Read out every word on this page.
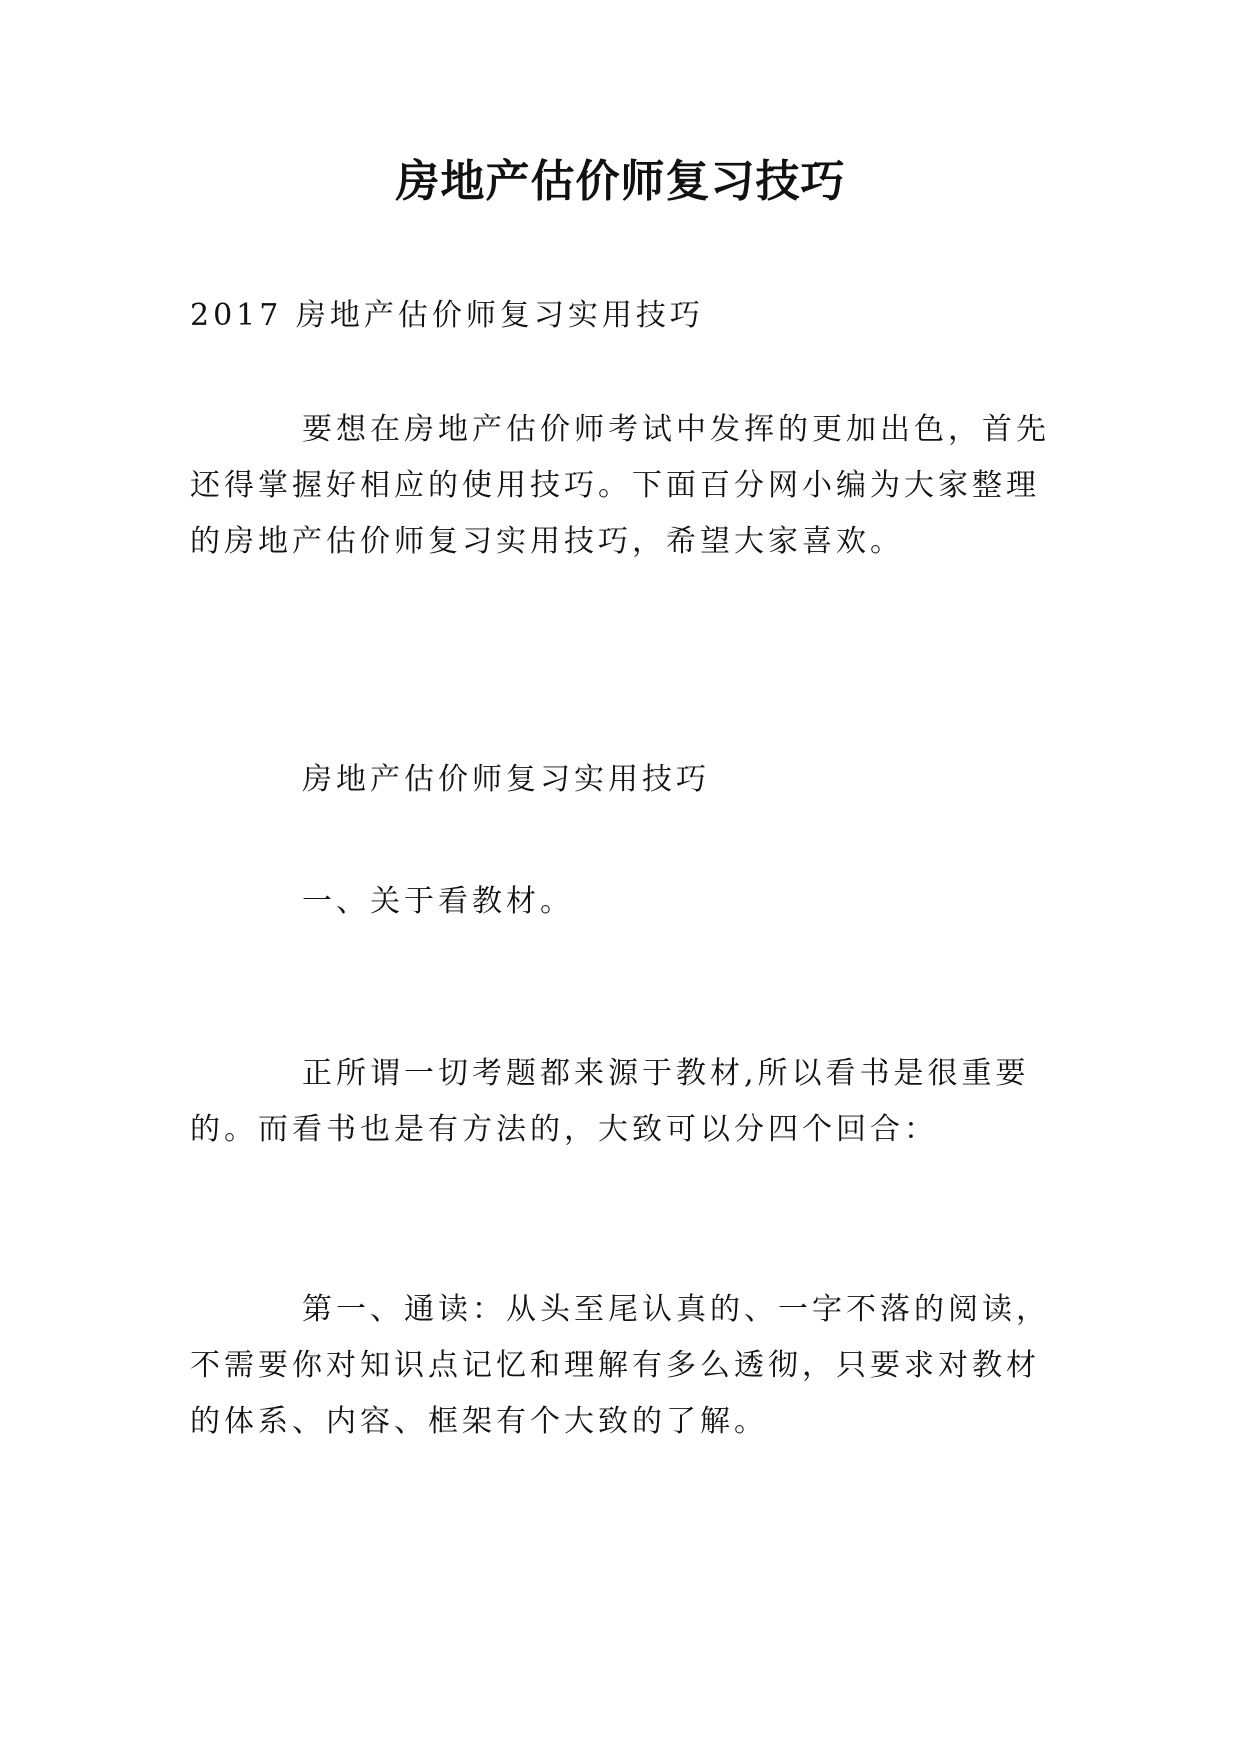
房地产估价师复习技巧

2017 房地产估价师复习实用技巧

要想在房地产估价师考试中发挥的更加出色，首先还得掌握好相应的使用技巧。下面百分网小编为大家整理的房地产估价师复习实用技巧，希望大家喜欢。

房地产估价师复习实用技巧

一、关于看教材。

正所谓一切考题都来源于教材,所以看书是很重要的。而看书也是有方法的，大致可以分四个回合：

第一、通读：从头至尾认真的、一字不落的阅读，不需要你对知识点记忆和理解有多么透彻，只要求对教材的体系、内容、框架有个大致的了解。
